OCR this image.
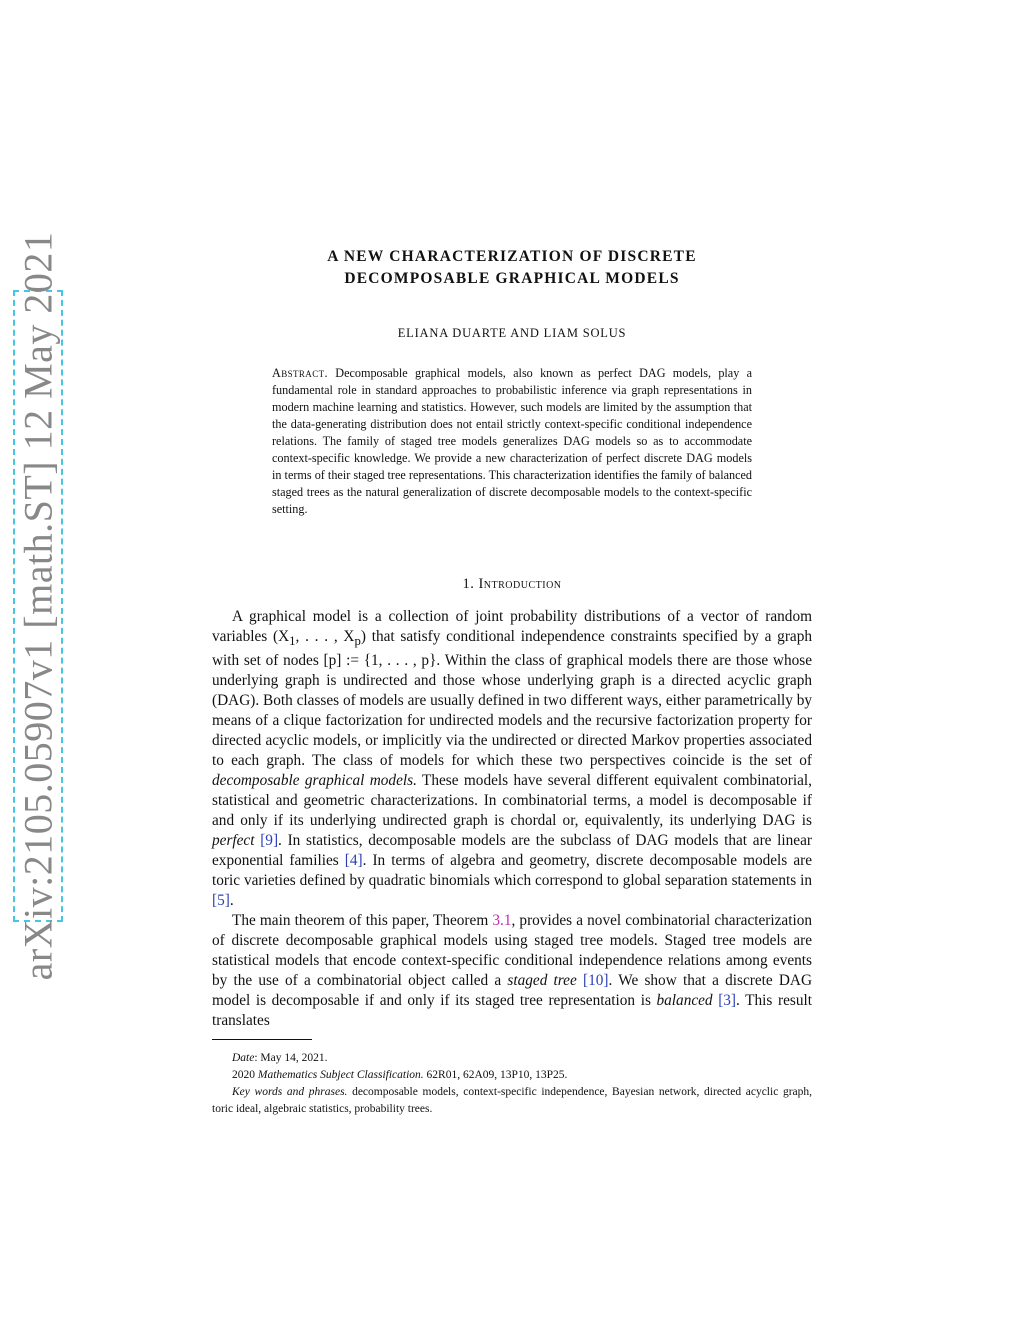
arXiv:2105.05907v1 [math.ST] 12 May 2021	A NEW CHARACTERIZATION OF DISCRETE
DECOMPOSABLE GRAPHICAL MODELS
ELIANA DUARTE AND LIAM SOLUS
Abstract. Decomposable graphical models, also known as perfect DAG models, play a fundamental role in standard approaches to probabilistic inference via graph representations in modern machine learning and statistics. However, such models are limited by the assumption that the data-generating distribution does not entail strictly context-specific conditional independence relations. The family of staged tree models generalizes DAG models so as to accommodate context-specific knowledge. We provide a new characterization of perfect discrete DAG models in terms of their staged tree representations. This characterization identifies the family of balanced staged trees as the natural generalization of discrete decomposable models to the context-specific setting.
1. Introduction

A graphical model is a collection of joint probability distributions of a vector of random variables ($X_1$, . . . , $X_p$) that satisfy conditional independence constraints specified by a graph with set of nodes [p] := {1, . . . , p}. Within the class of graphical models there are those whose underlying graph is undirected and those whose underlying graph is a directed acyclic graph (DAG). Both classes of models are usually defined in two different ways, either parametrically by means of a clique factorization for undirected models and the recursive factorization property for directed acyclic models, or implicitly via the undirected or directed Markov properties associated to each graph. The class of models for which these two perspectives coincide is the set of decomposable graphical models. These models have several different equivalent combinatorial, statistical and geometric characterizations. In combinatorial terms, a model is decomposable if and only if its underlying undirected graph is chordal or, equivalently, its underlying DAG is perfect [9]. In statistics, decomposable models are the subclass of DAG models that are linear exponential families [4]. In terms of algebra and geometry, discrete decomposable models are toric varieties defined by quadratic binomials which correspond to global separation statements in [5].

The main theorem of this paper, Theorem 3.1, provides a novel combinatorial characterization of discrete decomposable graphical models using staged tree models. Staged tree models are statistical models that encode context-specific conditional independence relations among events by the use of a combinatorial object called a staged tree [10]. We show that a discrete DAG model is decomposable if and only if its staged tree representation is balanced [3]. This result translates

Date: May 14, 2021.

2020 Mathematics Subject Classification. 62R01, 62A09, 13P10, 13P25.

Key words and phrases. decomposable models, context-specific independence, Bayesian network, directed acyclic graph, toric ideal, algebraic statistics, probability trees.
